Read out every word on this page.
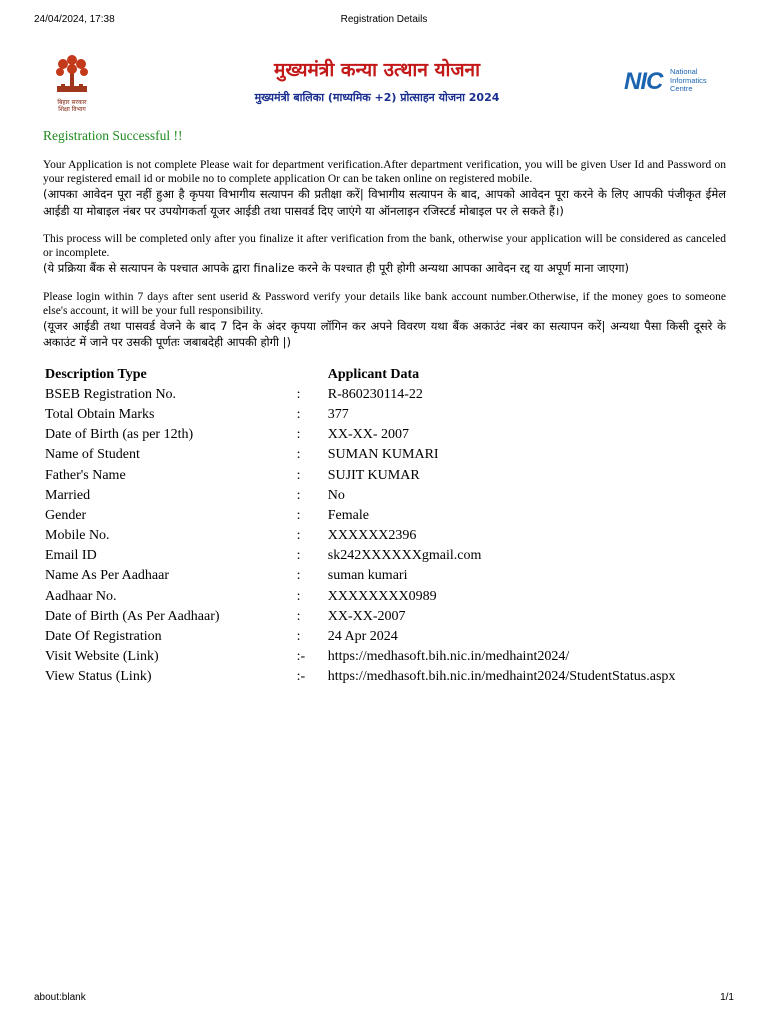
24/04/2024, 17:38	Registration Details
बिहार सरकार
शिक्षा विभाग
मुख्यमंत्री कन्या उत्थान योजना
मुख्यमंत्री बालिका (माध्यमिक +2) प्रोत्साहन योजना 2024
NIC National
Informatics
Centre

Registration Successful !!

Your Application is not complete Please wait for department verification.After department verification, you will be given User Id and Password on your registered email id or mobile no to complete application Or can be taken online on registered mobile.

(आपका आवेदन पूरा नहीं हुआ है कृपया विभागीय सत्यापन की प्रतीक्षा करें| विभागीय सत्यापन के बाद, आपको आवेदन पूरा करने के लिए आपकी पंजीकृत ईमेल आईडी या मोबाइल नंबर पर उपयोगकर्ता यूजर आईडी तथा पासवर्ड दिए जाएंगे या ऑनलाइन रजिस्टर्ड मोबाइल पर ले सकते हैं।)

This process will be completed only after you finalize it after verification from the bank, otherwise your application will be considered as canceled or incomplete.

(ये प्रक्रिया बैंक से सत्यापन के पश्चात आपके द्वारा finalize करने के पश्चात ही पूरी होगी अन्यथा आपका आवेदन रद्द या अपूर्ण माना जाएगा)

Please login within 7 days after sent userid & Password verify your details like bank account number.Otherwise, if the money goes to someone else's account, it will be your full responsibility.

(यूजर आईडी तथा पासवर्ड वेजने के बाद 7 दिन के अंदर कृपया लॉगिन कर अपने विवरण यथा बैंक अकाउंट नंबर का सत्यापन करें| अन्यथा पैसा किसी दूसरे के अकाउंट में जाने पर उसकी पूर्णतः जबाबदेही आपकी होगी |)

Description Type		Applicant Data
BSEB Registration No.	:	R-860230114-22
Total Obtain Marks	:	377
Date of Birth (as per 12th)	:	XX-XX- 2007
Name of Student	:	SUMAN KUMARI
Father's Name	:	SUJIT KUMAR
Married	:	No
Gender	:	Female
Mobile No.	:	XXXXXX2396
Email ID	:	sk242XXXXXXgmail.com
Name As Per Aadhaar	:	suman kumari
Aadhaar No.	:	XXXXXXXX0989
Date of Birth (As Per Aadhaar)	:	XX-XX-2007
Date Of Registration	:	24 Apr 2024
Visit Website (Link)	:-	https://medhasoft.bih.nic.in/medhaint2024/
View Status (Link)	:-	https://medhasoft.bih.nic.in/medhaint2024/StudentStatus.aspx
about:blank	1/1
